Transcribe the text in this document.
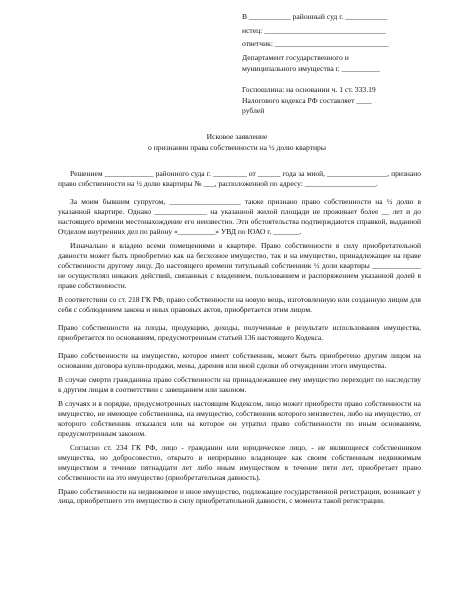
В ___________ районный суд г. ___________

истец: ________________________________

ответчик: ______________________________

Департамент государственного и

муниципального имущества г. __________

Госпошлина: на основании ч. 1 ст. 333.19

Налогового кодекса РФ составляет ____

рублей

Исковое заявление
о признании права собственности на ½ долю квартиры

Решением _____________ районного суда г. _________ от ______ года за мной, ________________, признано право собственности на ½ долю квартиры № ___, расположенной по адресу: ___________________.

За моим бывшим супругом, ___________________ также признано право собственности на ½ долю в указанной квартире. Однако ______________ на указанной жилой площади не проживает более __ лет и до настоящего времени местонахождение его неизвестно. Эти обстоятельства подтверждаются справкой, выданной Отделом внутренних дел по району «__________» УВД по ЮАО г. _______.

Изначально я владею всеми помещениями в квартире. Право собственности в силу приобретательной давности может быть приобретено как на бесхозное имущество, так и на имущество, принадлежащее на праве собственности другому лицу. До настоящего времени титульный собственник ½ доли квартиры _____________ не осуществлял никаких действий, связанных с владением, пользованием и распоряжением указанной долей в праве собственности.

В соответствии со ст. 218 ГК РФ, право собственности на новую вещь, изготовленную или созданную лицом для себя с соблюдением закона и иных правовых актов, приобретается этим лицом.

Право собственности на плоды, продукцию, доходы, полученные в результате использования имущества, приобретается по основаниям, предусмотренным статьей 136 настоящего Кодекса.

Право собственности на имущество, которое имеет собственник, может быть приобретено другим лицом на основании договора купли-продажи, мены, дарения или иной сделки об отчуждении этого имущества.

В случае смерти гражданина право собственности на принадлежавшее ему имущество переходит по наследству к другим лицам в соответствии с завещанием или законом.

В случаях и в порядке, предусмотренных настоящим Кодексом, лицо может приобрести право собственности на имущество, не имеющее собственника, на имущество, собственник которого неизвестен, либо на имущество, от которого собственник отказался или на которое он утратил право собственности по иным основаниям, предусмотренным законом.

Согласно ст. 234 ГК РФ, лицо - гражданин или юридическое лицо, - не являющееся собственником имущества, но добросовестно, открыто и непрерывно владеющее как своим собственным недвижимым имуществом в течение пятнадцати лет либо иным имуществом в течение пяти лет, приобретает право собственности на это имущество (приобретательная давность).

Право собственности на недвижимое и иное имущество, подлежащее государственной регистрации, возникает у лица, приобретшего это имущество в силу приобретательной давности, с момента такой регистрации.
